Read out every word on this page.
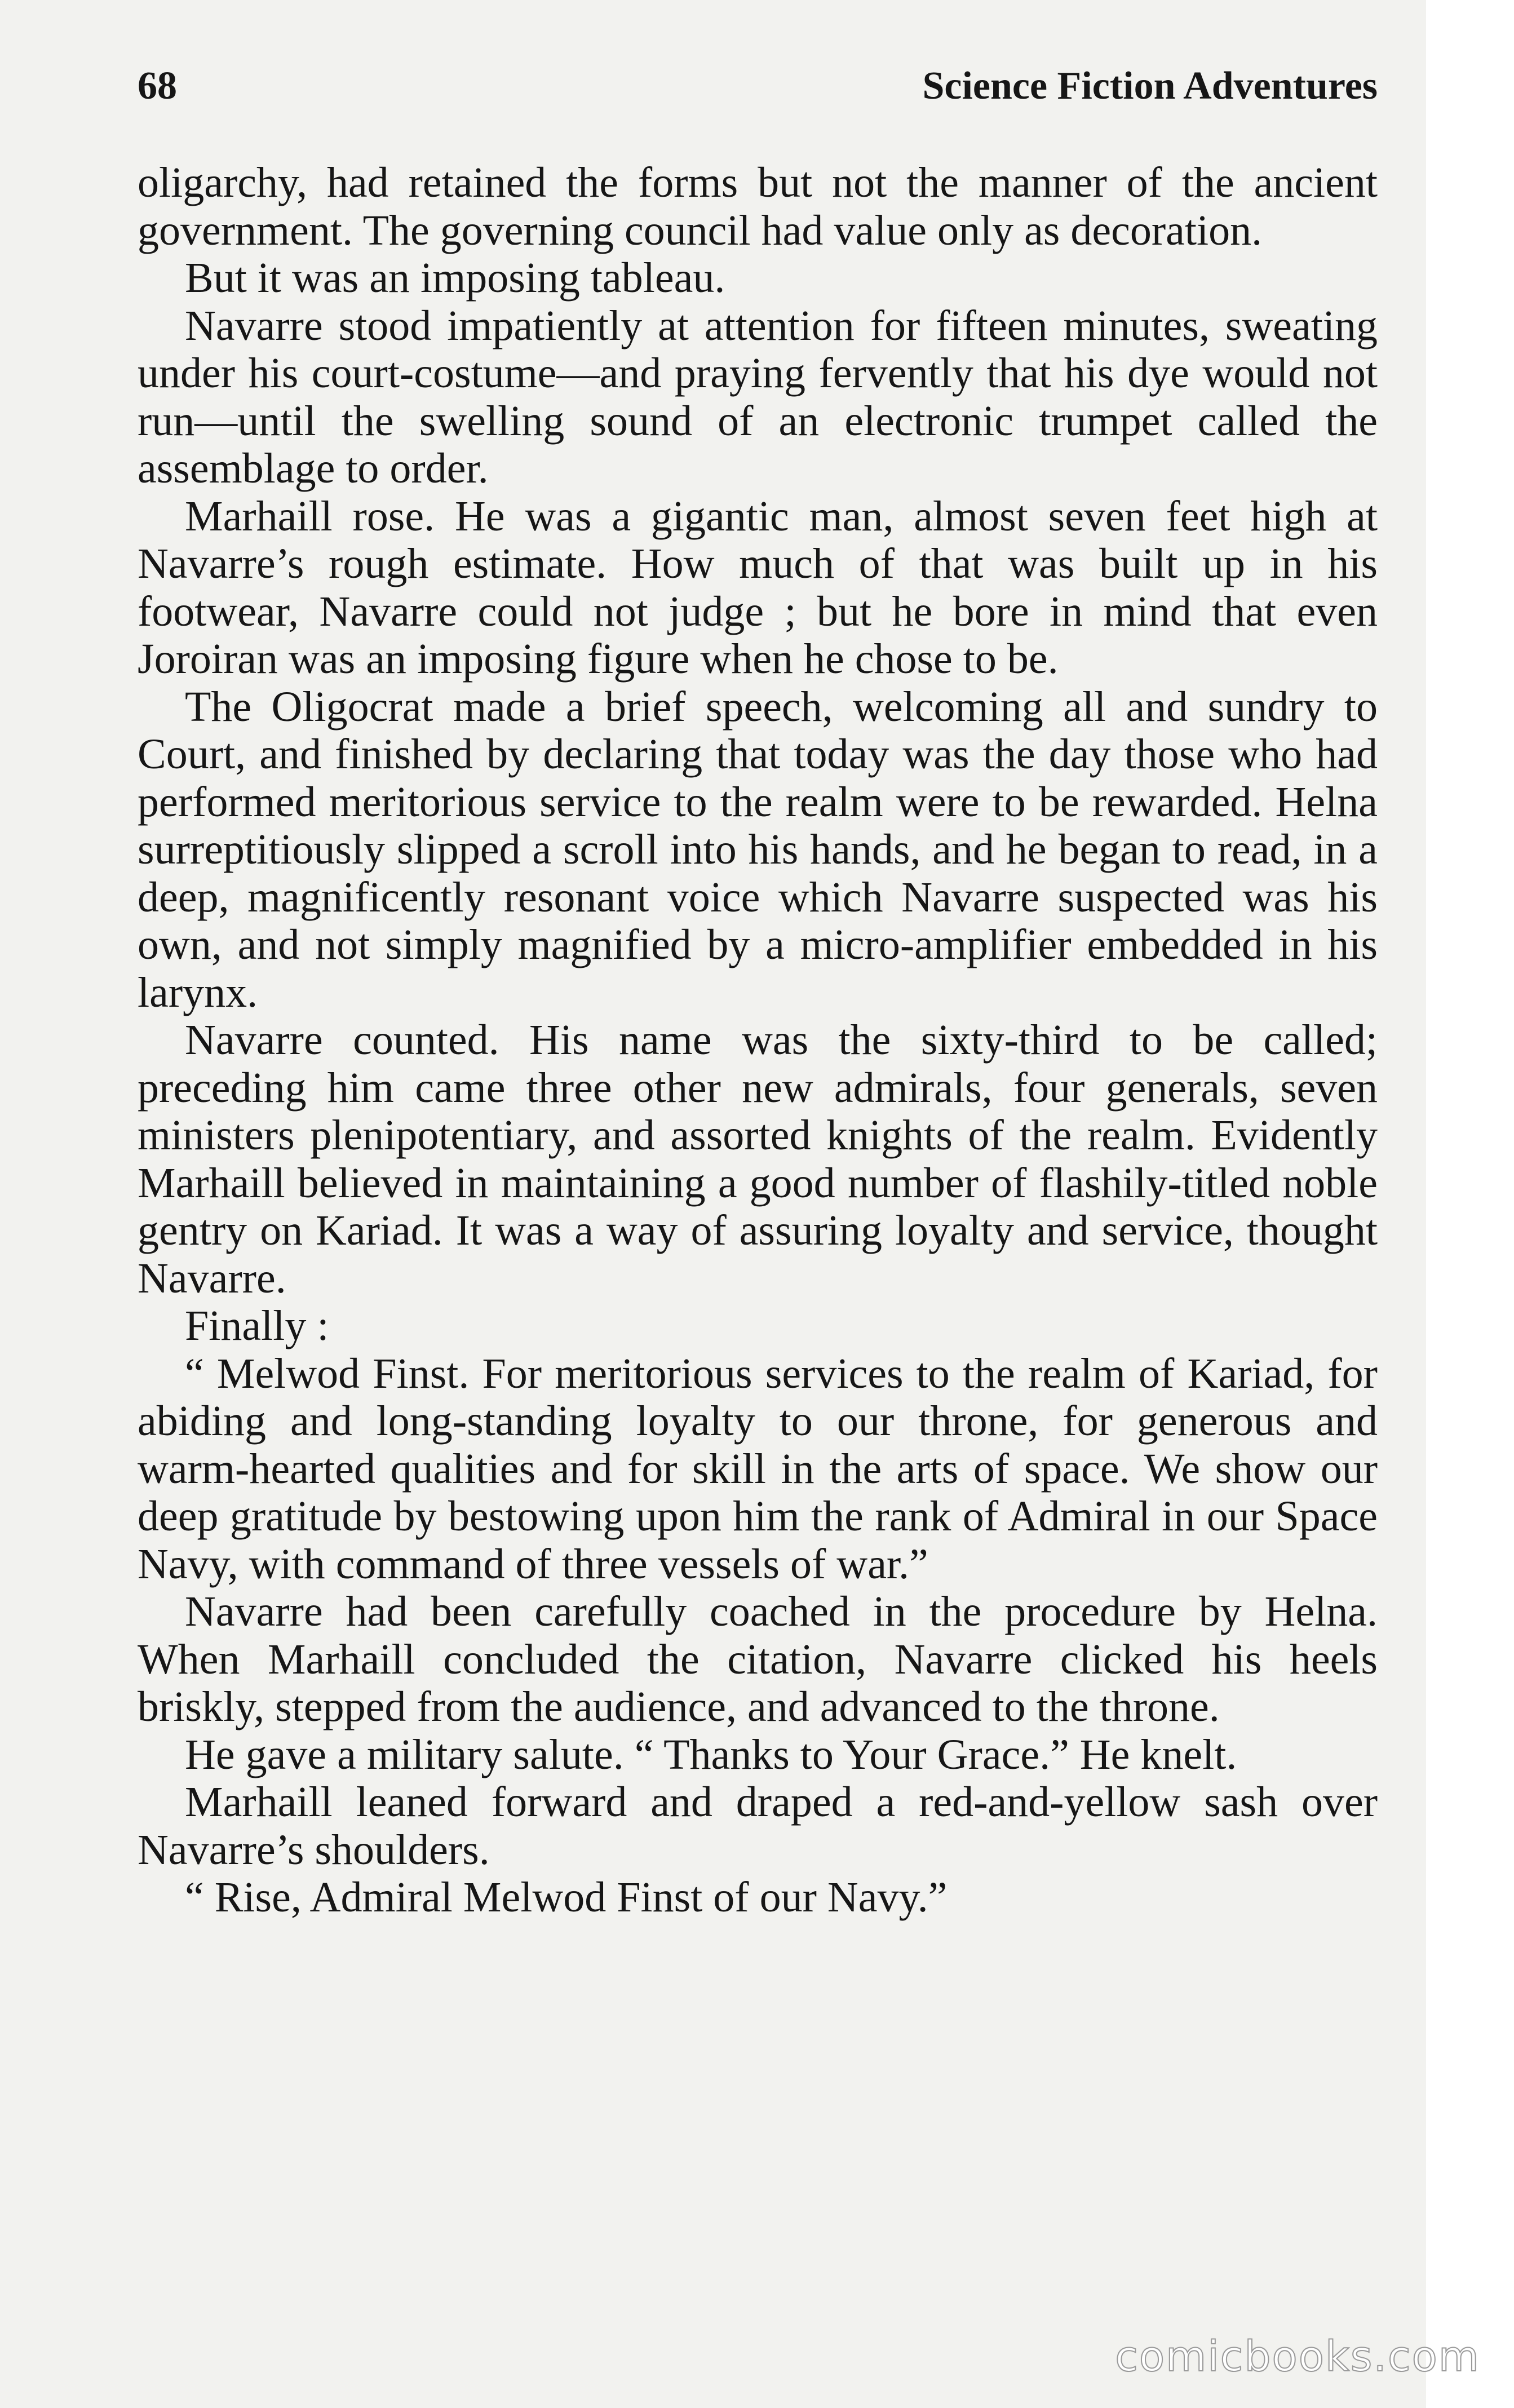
68	Science Fiction Adventures

oligarchy, had retained the forms but not the manner of the ancient government. The governing council had value only as decoration.

But it was an imposing tableau.

Navarre stood impatiently at attention for fifteen minutes, sweating under his court-costume—and praying fervently that his dye would not run—until the swelling sound of an electronic trumpet called the assemblage to order.

Marhaill rose. He was a gigantic man, almost seven feet high at Navarre’s rough estimate. How much of that was built up in his footwear, Navarre could not judge ; but he bore in mind that even Joroiran was an imposing figure when he chose to be.

The Oligocrat made a brief speech, welcoming all and sundry to Court, and finished by declaring that today was the day those who had performed meritorious service to the realm were to be rewarded. Helna surreptitiously slipped a scroll into his hands, and he began to read, in a deep, magnificently resonant voice which Navarre suspected was his own, and not simply magnified by a micro-amplifier embedded in his larynx.

Navarre counted. His name was the sixty-third to be called; preceding him came three other new admirals, four generals, seven ministers plenipotentiary, and assorted knights of the realm. Evidently Marhaill believed in maintaining a good number of flashily-titled noble gentry on Kariad. It was a way of assuring loyalty and service, thought Navarre.

Finally :

“ Melwod Finst. For meritorious services to the realm of Kariad, for abiding and long-standing loyalty to our throne, for generous and warm-hearted qualities and for skill in the arts of space. We show our deep gratitude by bestowing upon him the rank of Admiral in our Space Navy, with command of three vessels of war.”

Navarre had been carefully coached in the procedure by Helna. When Marhaill concluded the citation, Navarre clicked his heels briskly, stepped from the audience, and advanced to the throne.

He gave a military salute. “ Thanks to Your Grace.” He knelt.

Marhaill leaned forward and draped a red-and-yellow sash over Navarre’s shoulders.

“ Rise, Admiral Melwod Finst of our Navy.”

comicbooks.com
